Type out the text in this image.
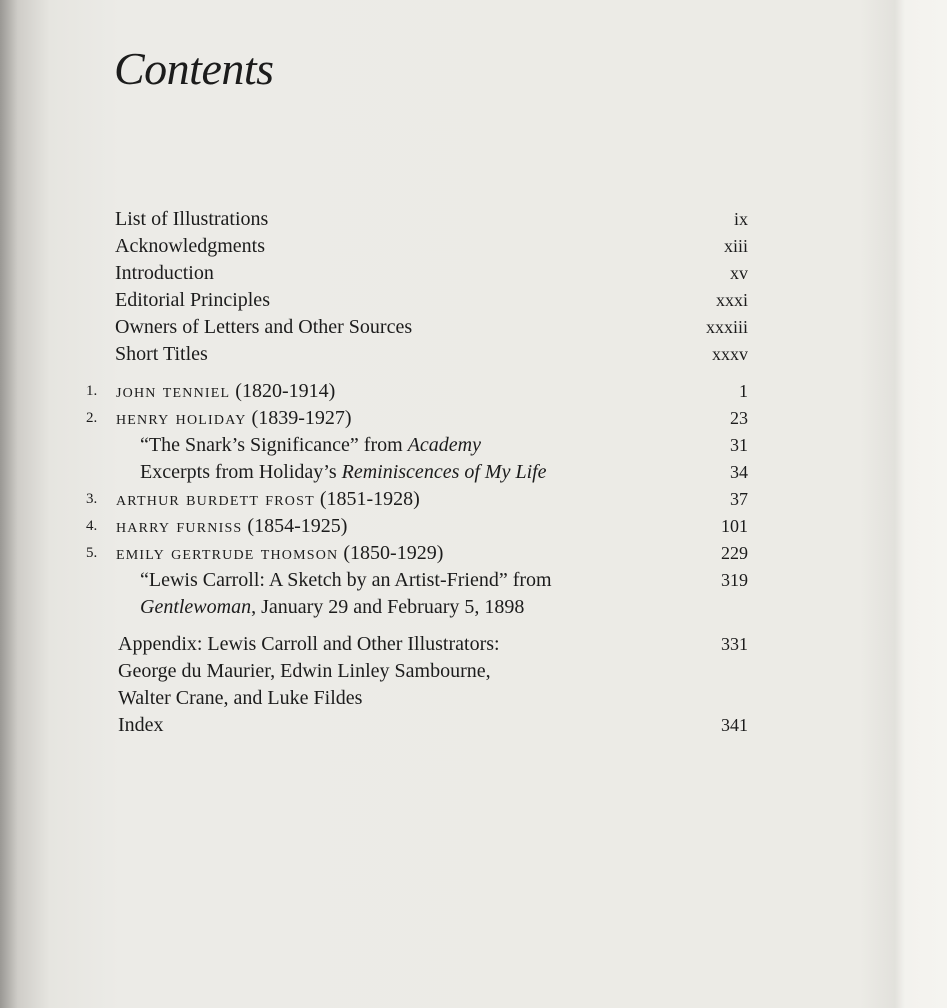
Contents
List of Illustrations	ix
Acknowledgments	xiii
Introduction	xv
Editorial Principles	xxxi
Owners of Letters and Other Sources	xxxiii
Short Titles	xxxv
1. john tenniel (1820-1914)	1
2. henry holiday (1839-1927)	23
“The Snark’s Significance” from Academy	31
Excerpts from Holiday’s Reminiscences of My Life	34
3. arthur burdett frost (1851-1928)	37
4. harry furniss (1854-1925)	101
5. emily gertrude thomson (1850-1929)	229
“Lewis Carroll: A Sketch by an Artist-Friend” from	319
Gentlewoman, January 29 and February 5, 1898
Appendix: Lewis Carroll and Other Illustrators:	331
George du Maurier, Edwin Linley Sambourne,
Walter Crane, and Luke Fildes
Index	341
